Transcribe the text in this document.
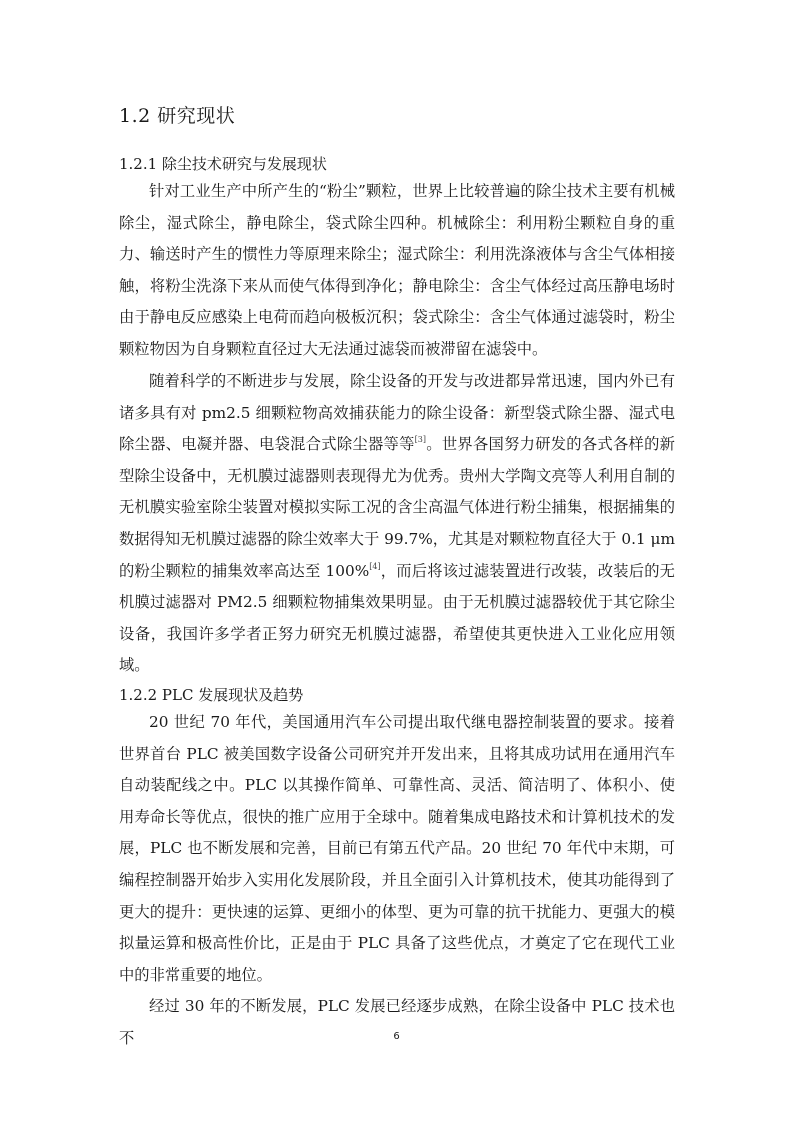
1.2 研究现状
1.2.1 除尘技术研究与发展现状

针对工业生产中所产生的“粉尘”颗粒，世界上比较普遍的除尘技术主要有机械除尘，湿式除尘，静电除尘，袋式除尘四种。机械除尘：利用粉尘颗粒自身的重力、输送时产生的惯性力等原理来除尘；湿式除尘：利用洗涤液体与含尘气体相接触，将粉尘洗涤下来从而使气体得到净化；静电除尘：含尘气体经过高压静电场时由于静电反应感染上电荷而趋向极板沉积；袋式除尘：含尘气体通过滤袋时，粉尘颗粒物因为自身颗粒直径过大无法通过滤袋而被滞留在滤袋中。

随着科学的不断进步与发展，除尘设备的开发与改进都异常迅速，国内外已有诸多具有对 pm2.5 细颗粒物高效捕获能力的除尘设备：新型袋式除尘器、湿式电除尘器、电凝并器、电袋混合式除尘器等等[3]。世界各国努力研发的各式各样的新型除尘设备中，无机膜过滤器则表现得尤为优秀。贵州大学陶文亮等人利用自制的无机膜实验室除尘装置对模拟实际工况的含尘高温气体进行粉尘捕集，根据捕集的数据得知无机膜过滤器的除尘效率大于 99.7%，尤其是对颗粒物直径大于 0.1 μm 的粉尘颗粒的捕集效率高达至 100%[4]，而后将该过滤装置进行改装，改装后的无机膜过滤器对 PM2.5 细颗粒物捕集效果明显。由于无机膜过滤器较优于其它除尘设备，我国许多学者正努力研究无机膜过滤器，希望使其更快进入工业化应用领域。

1.2.2 PLC 发展现状及趋势

20 世纪 70 年代，美国通用汽车公司提出取代继电器控制装置的要求。接着世界首台 PLC 被美国数字设备公司研究并开发出来，且将其成功试用在通用汽车自动装配线之中。PLC 以其操作简单、可靠性高、灵活、简洁明了、体积小、使用寿命长等优点，很快的推广应用于全球中。随着集成电路技术和计算机技术的发展，PLC 也不断发展和完善，目前已有第五代产品。20 世纪 70 年代中末期，可编程控制器开始步入实用化发展阶段，并且全面引入计算机技术，使其功能得到了更大的提升：更快速的运算、更细小的体型、更为可靠的抗干扰能力、更强大的模拟量运算和极高性价比，正是由于 PLC 具备了这些优点，才奠定了它在现代工业中的非常重要的地位。

经过 30 年的不断发展，PLC 发展已经逐步成熟，在除尘设备中 PLC 技术也不	6
